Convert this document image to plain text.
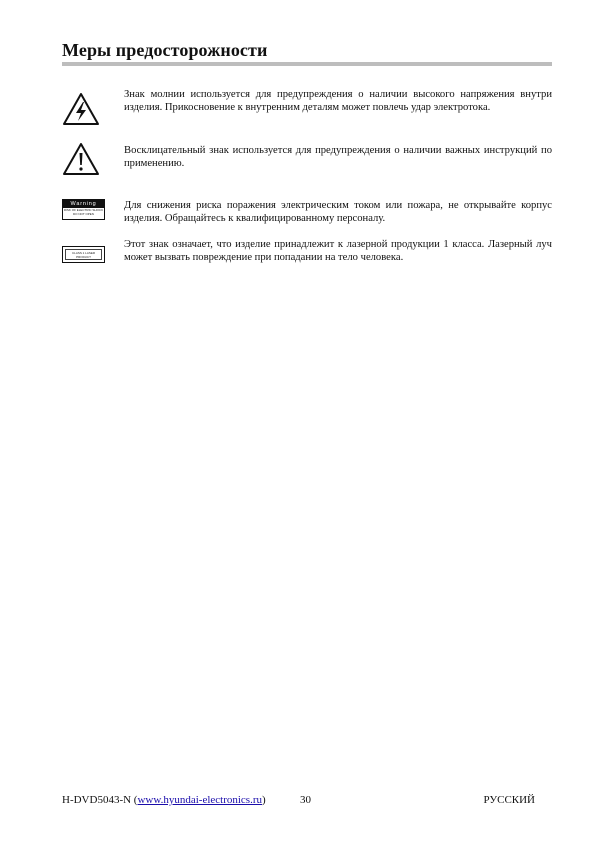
Меры предосторожности

Знак молнии используется для предупреждения о наличии высокого напряжения внутри изделия. Прикосновение к внутренним деталям может повлечь удар электротока.

Восклицательный знак используется для предупреждения о наличии важных инструкций по применению.

Warning
RISK OF ELECTRIC SHOCK DO NOT OPEN

Для снижения риска поражения электрическим током или пожара, не открывайте корпус изделия. Обращайтесь к квалифицированному персоналу.

CLASS 1 LASER PRODUCT

Этот знак означает, что изделие принадлежит к лазерной продукции 1 класса. Лазерный луч может вызвать повреждение при попадании на тело человека.

H-DVD5043-N (www.hyundai-electronics.ru)	30	РУССКИЙ
